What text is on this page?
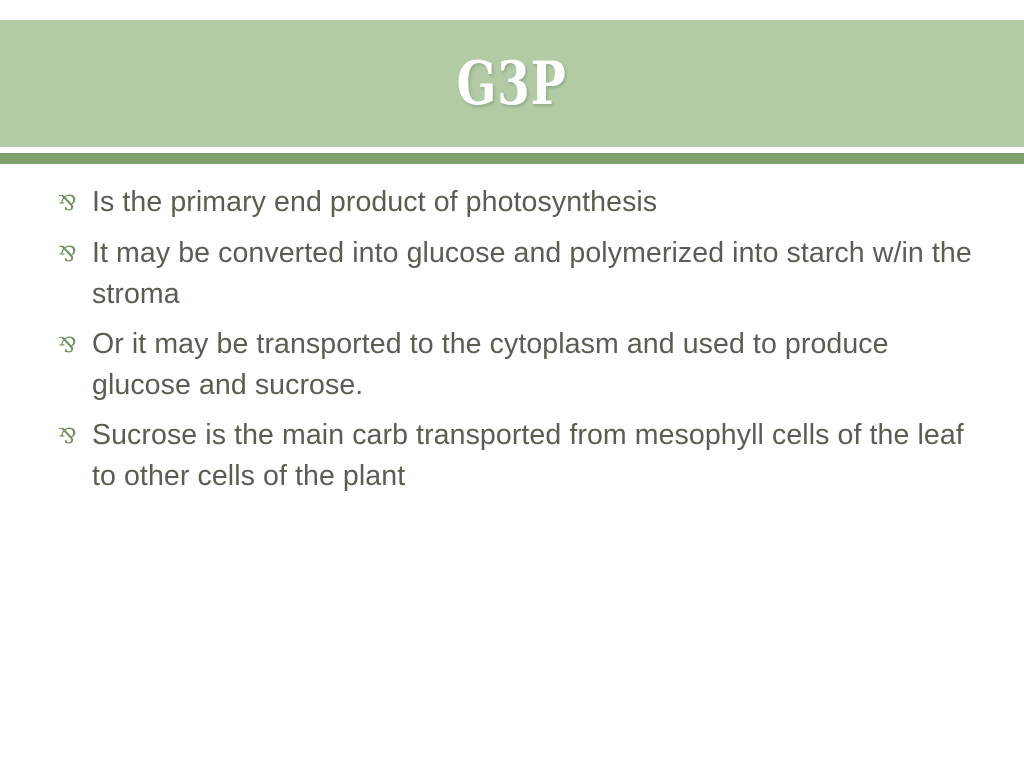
G3P
⅋ Is the primary end product of photosynthesis
⅋ It may be converted into glucose and polymerized into starch w/in the stroma
⅋ Or it may be transported to the cytoplasm and used to produce glucose and sucrose.
⅋ Sucrose is the main carb transported from mesophyll cells of the leaf to other cells of the plant
